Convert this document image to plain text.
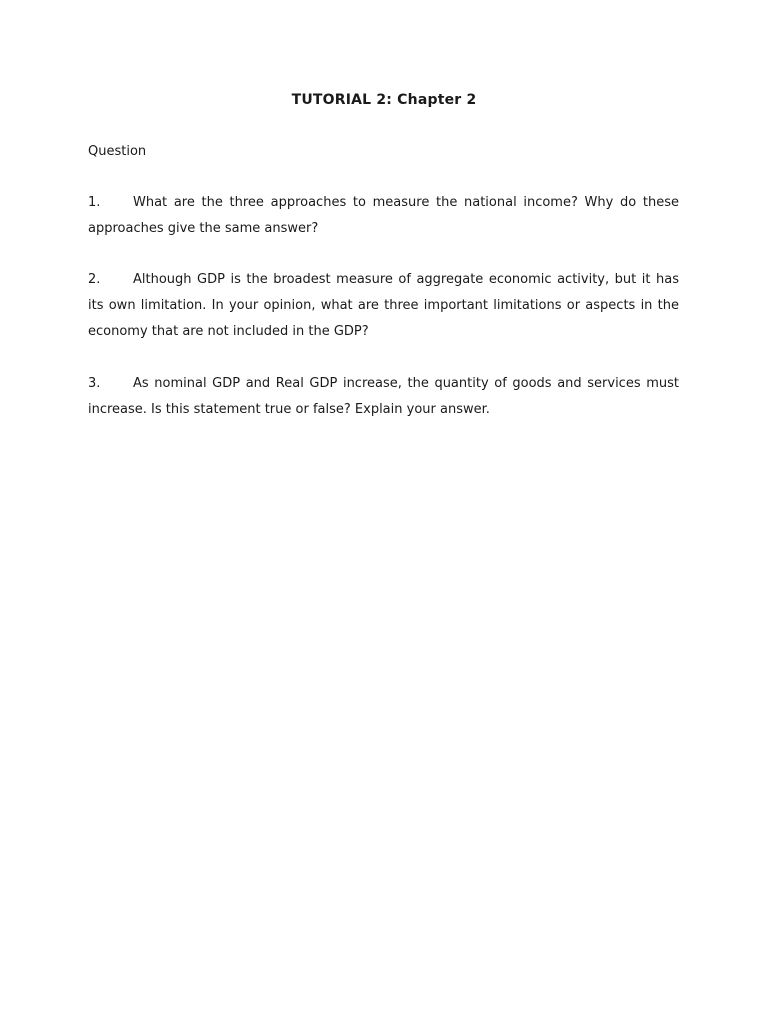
TUTORIAL 2: Chapter 2
Question
1.	What are the three approaches to measure the national income? Why do these approaches give the same answer?
2.	Although GDP is the broadest measure of aggregate economic activity, but it has its own limitation. In your opinion, what are three important limitations or aspects in the economy that are not included in the GDP?
3.	As nominal GDP and Real GDP increase, the quantity of goods and services must increase. Is this statement true or false? Explain your answer.
